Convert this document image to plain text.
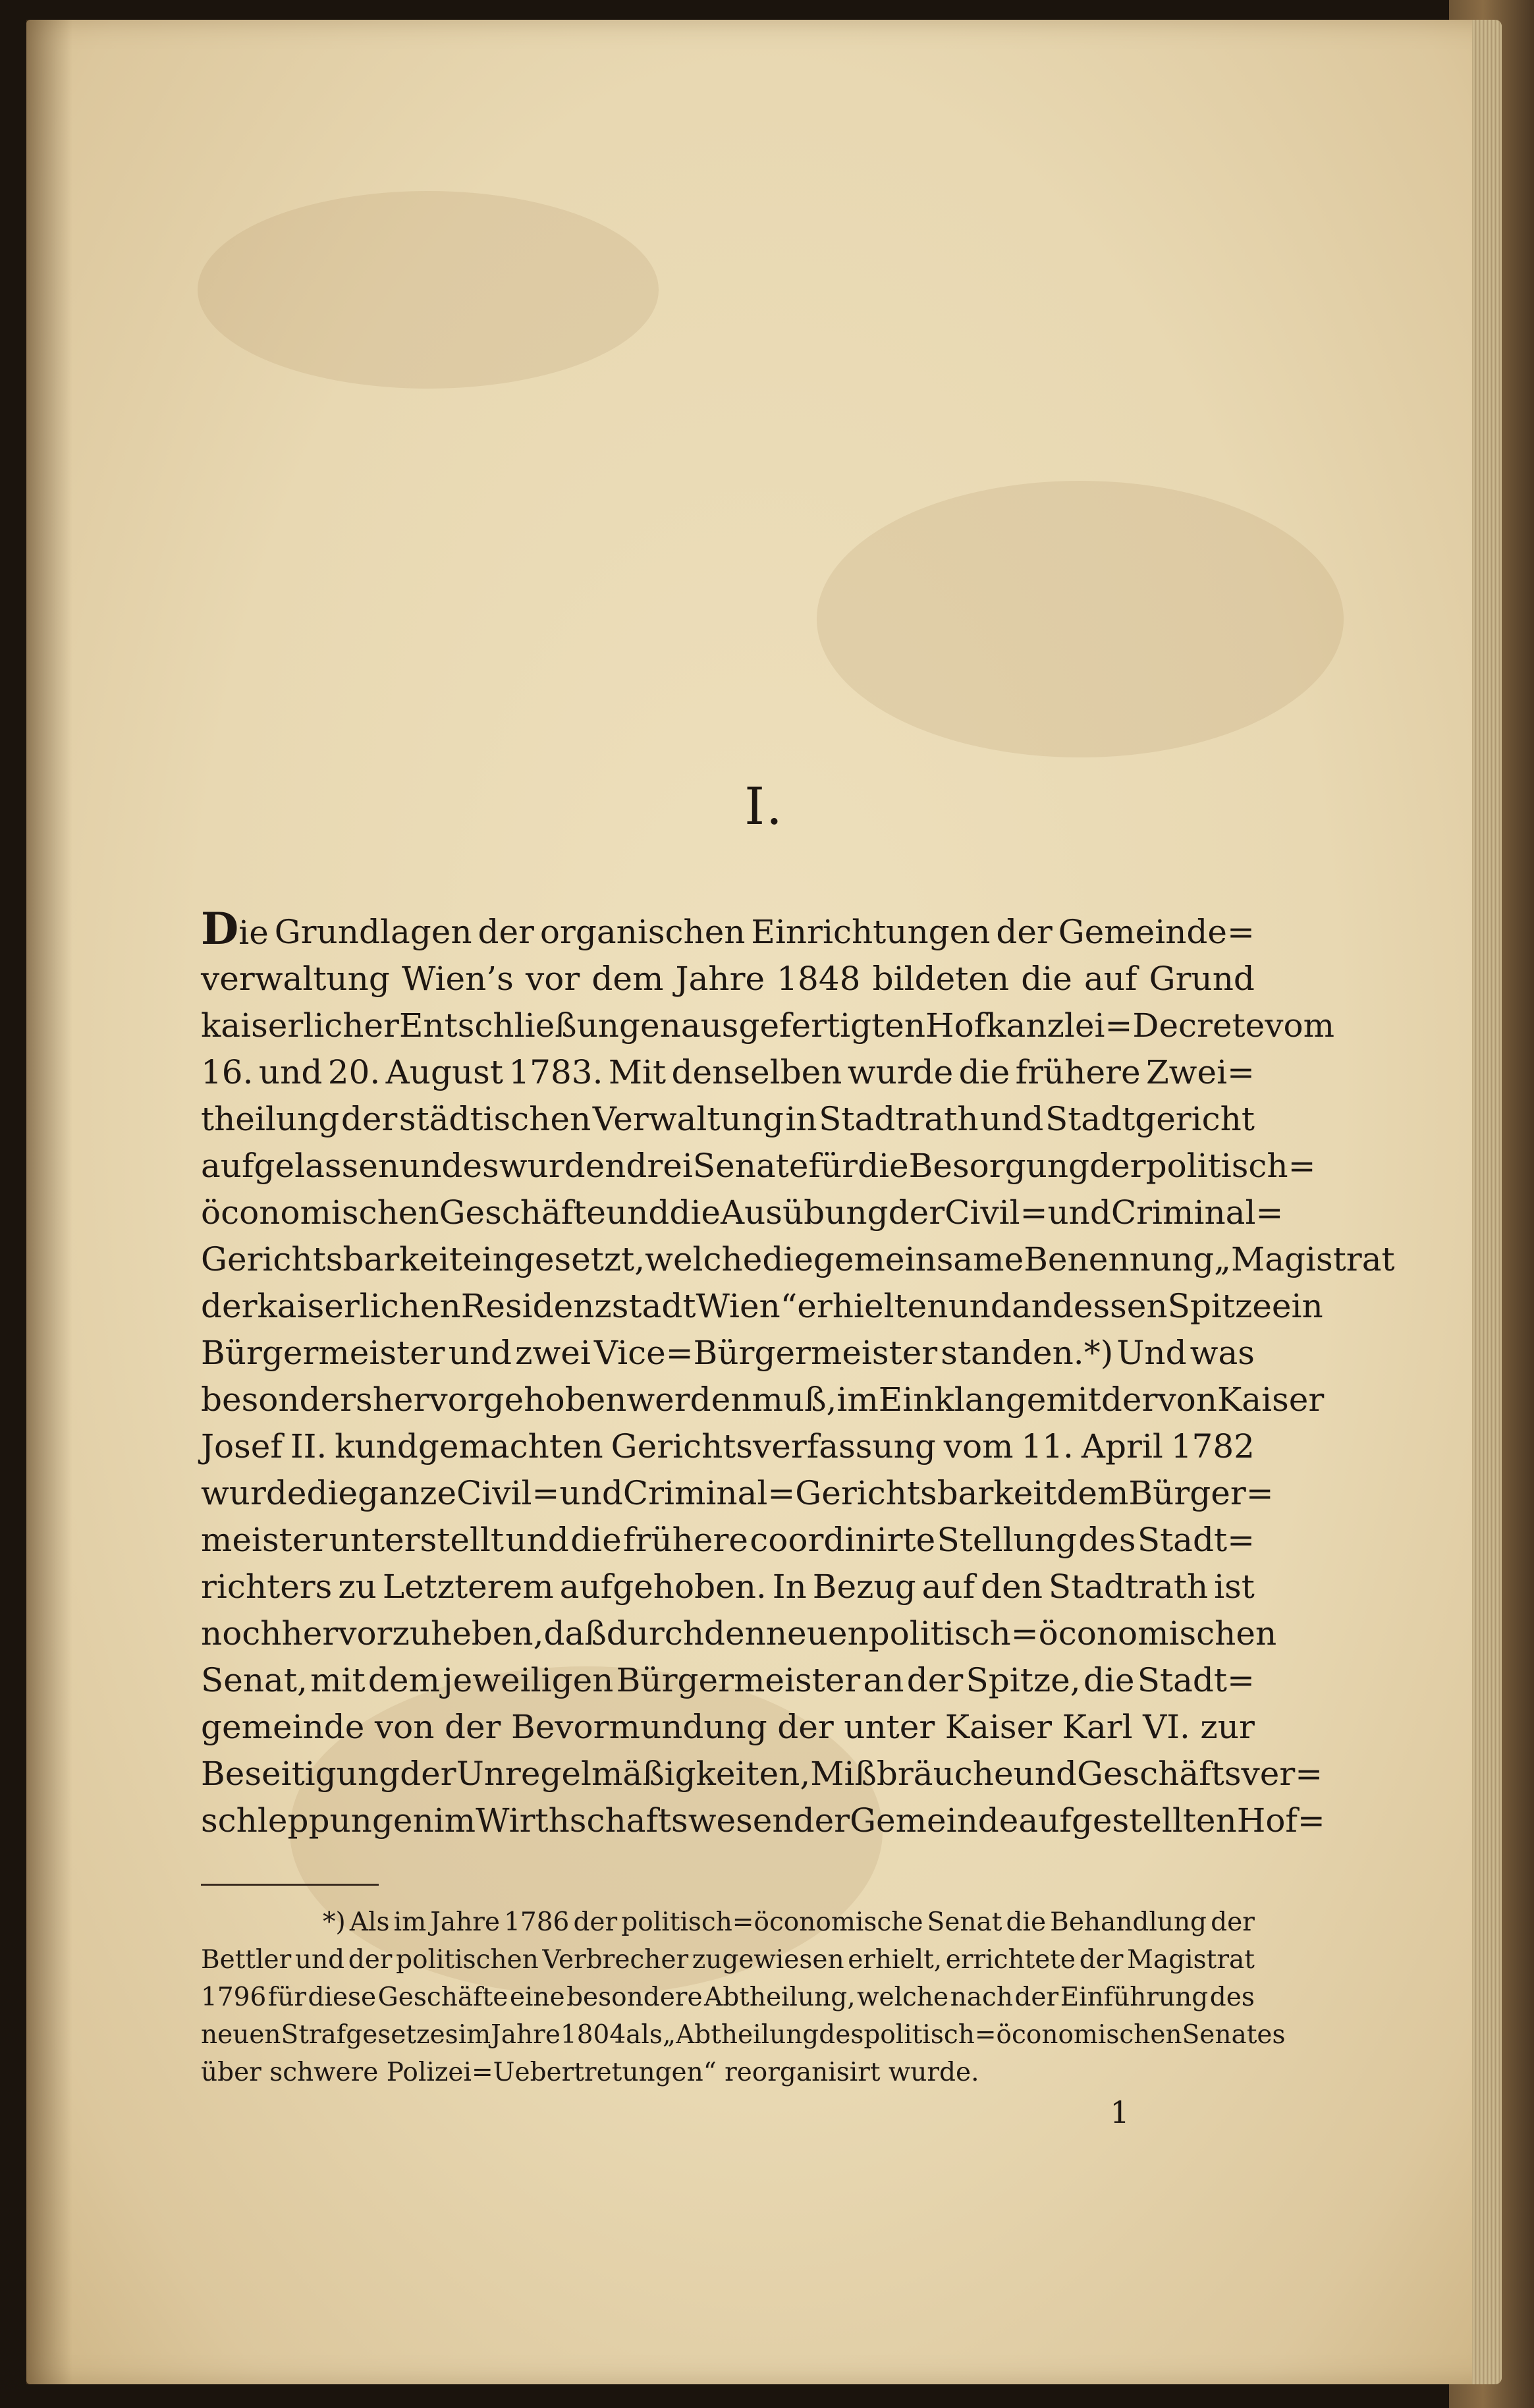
I.
Die Grundlagen der organischen Einrichtungen der Gemeinde=
verwaltung Wien’s vor dem Jahre 1848 bildeten die auf Grund
kaiserlicher Entschließungen ausgefertigten Hofkanzlei=Decrete vom
16. und 20. August 1783. Mit denselben wurde die frühere Zwei=
theilung der städtischen Verwaltung in Stadtrath und Stadtgericht
aufgelassen und es wurden drei Senate für die Besorgung der politisch=
öconomischen Geschäfte und die Ausübung der Civil= und Criminal=
Gerichtsbarkeit eingesetzt, welche die gemeinsame Benennung „Magistrat
der kaiserlichen Residenzstadt Wien“ erhielten und an dessen Spitze ein
Bürgermeister und zwei Vice=Bürgermeister standen.*) Und was
besonders hervorgehoben werden muß, im Einklange mit der von Kaiser
Josef II. kundgemachten Gerichtsverfassung vom 11. April 1782
wurde die ganze Civil= und Criminal=Gerichtsbarkeit dem Bürger=
meister unterstellt und die frühere coordinirte Stellung des Stadt=
richters zu Letzterem aufgehoben. In Bezug auf den Stadtrath ist
noch hervorzuheben, daß durch den neuen politisch=öconomischen
Senat, mit dem jeweiligen Bürgermeister an der Spitze, die Stadt=
gemeinde von der Bevormundung der unter Kaiser Karl VI. zur
Beseitigung der Unregelmäßigkeiten, Mißbräuche und Geschäftsver=
schleppungen im Wirthschaftswesen der Gemeinde aufgestellten Hof=
*) Als im Jahre 1786 der politisch=öconomische Senat die Behandlung der
Bettler und der politischen Verbrecher zugewiesen erhielt, errichtete der Magistrat
1796 für diese Geschäfte eine besondere Abtheilung, welche nach der Einführung des
neuen Strafgesetzes im Jahre 1804 als „Abtheilung des politisch=öconomischen Senates
über schwere Polizei=Uebertretungen“ reorganisirt wurde.
1
